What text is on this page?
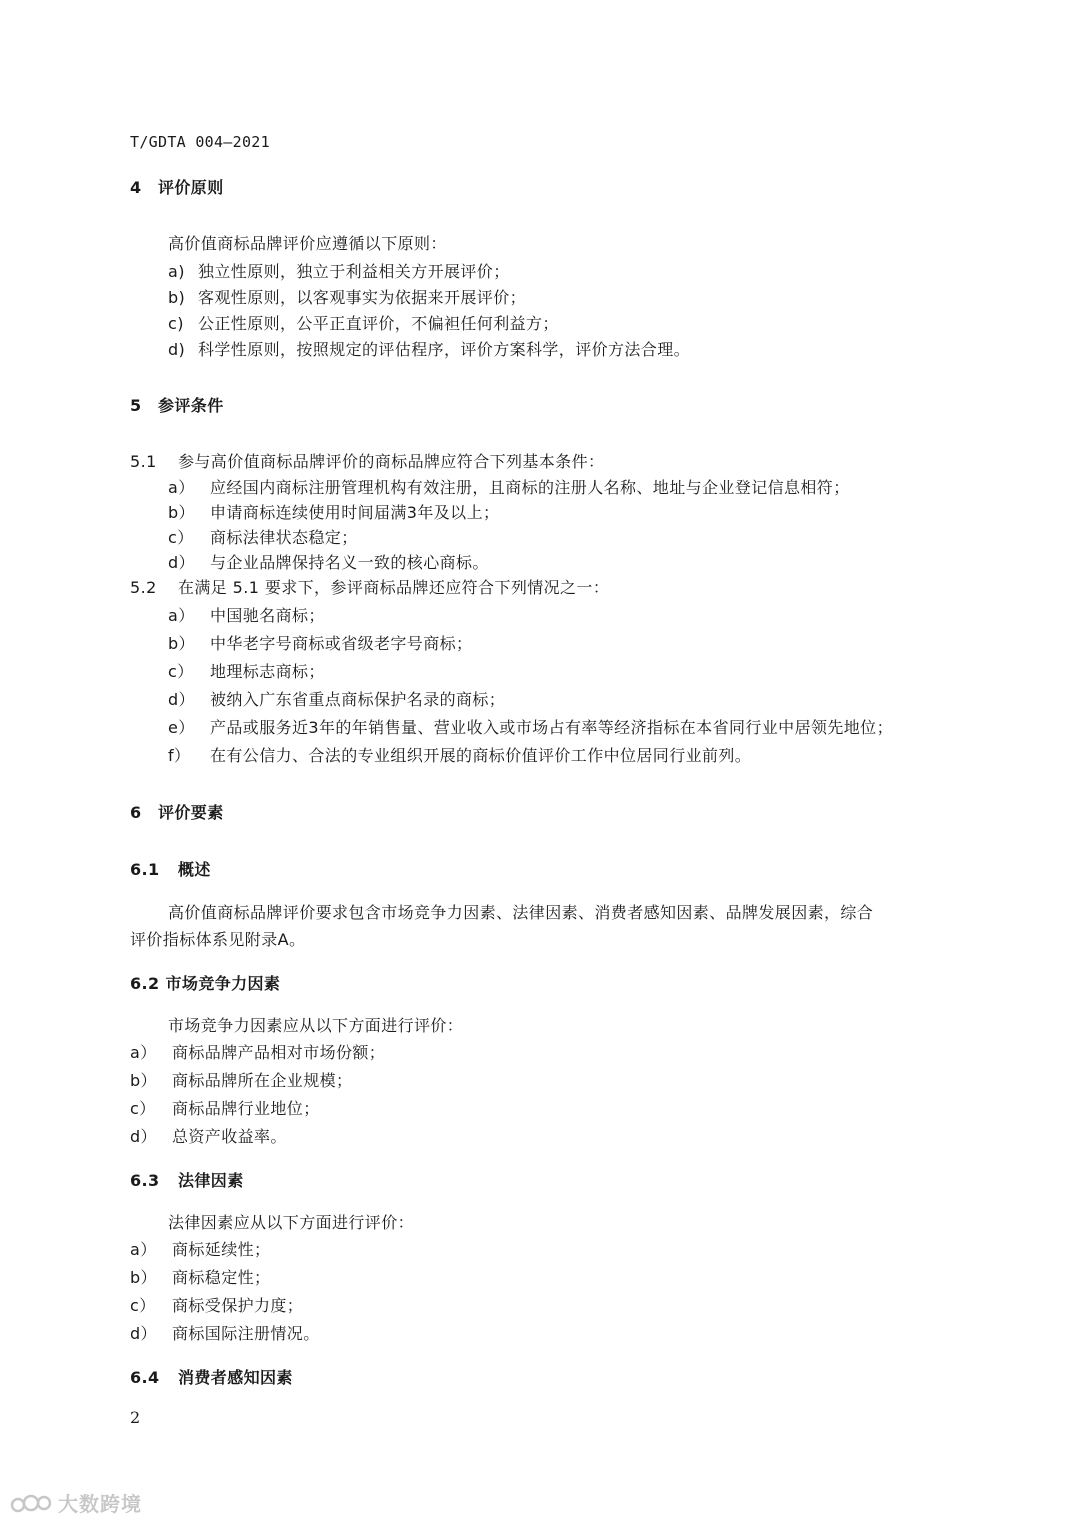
T/GDTA 004—2021
4 评价原则
高价值商标品牌评价应遵循以下原则：
a) 独立性原则，独立于利益相关方开展评价；
b) 客观性原则，以客观事实为依据来开展评价；
c) 公正性原则，公平正直评价，不偏袒任何利益方；
d) 科学性原则，按照规定的评估程序，评价方案科学，评价方法合理。
5 参评条件
5.1 参与高价值商标品牌评价的商标品牌应符合下列基本条件：
a） 应经国内商标注册管理机构有效注册，且商标的注册人名称、地址与企业登记信息相符；
b） 申请商标连续使用时间届满3年及以上；
c） 商标法律状态稳定；
d） 与企业品牌保持名义一致的核心商标。
5.2 在满足 5.1 要求下，参评商标品牌还应符合下列情况之一：
a） 中国驰名商标；
b） 中华老字号商标或省级老字号商标；
c） 地理标志商标；
d） 被纳入广东省重点商标保护名录的商标；
e） 产品或服务近3年的年销售量、营业收入或市场占有率等经济指标在本省同行业中居领先地位；
f） 在有公信力、合法的专业组织开展的商标价值评价工作中位居同行业前列。
6 评价要素
6.1 概述
高价值商标品牌评价要求包含市场竞争力因素、法律因素、消费者感知因素、品牌发展因素，综合
评价指标体系见附录A。
6.2 市场竞争力因素
市场竞争力因素应从以下方面进行评价：
a） 商标品牌产品相对市场份额；
b） 商标品牌所在企业规模；
c） 商标品牌行业地位；
d） 总资产收益率。
6.3 法律因素
法律因素应从以下方面进行评价：
a） 商标延续性；
b） 商标稳定性；
c） 商标受保护力度；
d） 商标国际注册情况。
6.4 消费者感知因素
2
大数跨境
